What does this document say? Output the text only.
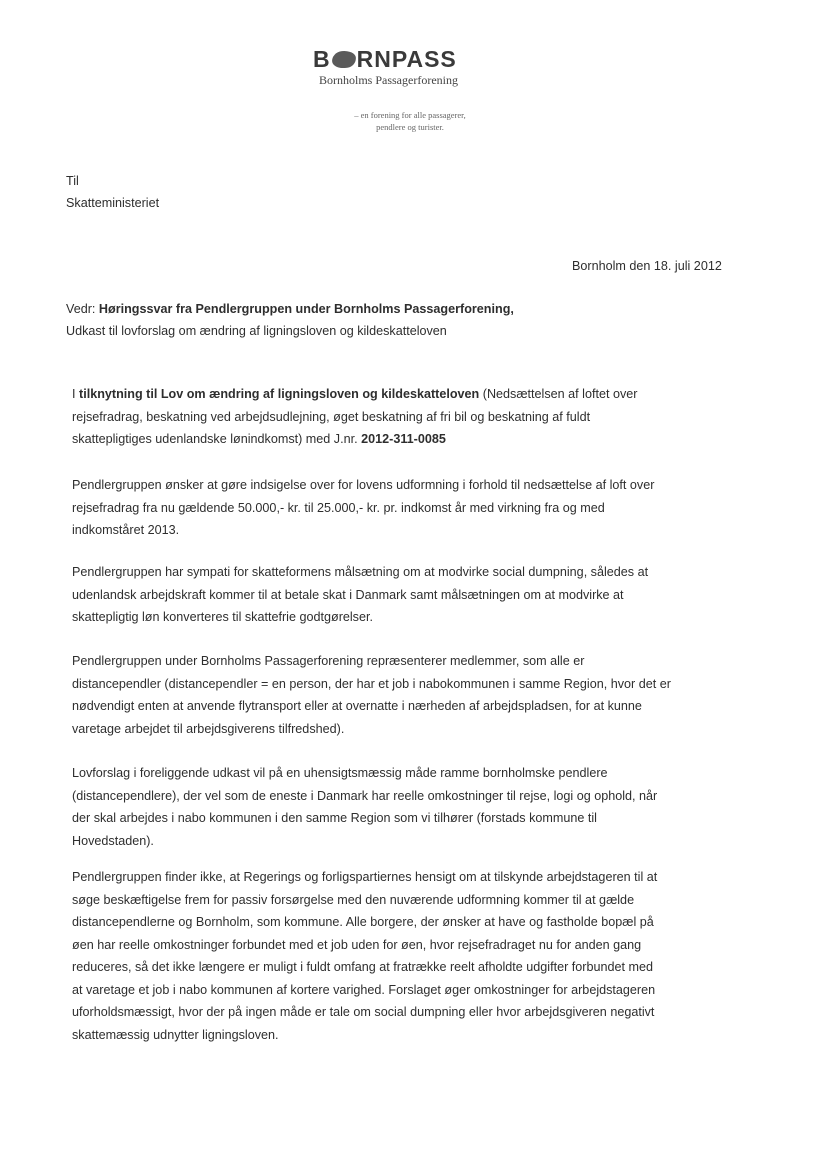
B RNPASS
Bornholms Passagerforening
– en forening for alle passagerer,
pendlere og turister.
Til
Skatteministeriet
Bornholm den 18. juli 2012
Vedr: Høringssvar fra Pendlergruppen under Bornholms Passagerforening,
Udkast til lovforslag om ændring af ligningsloven og kildeskatteloven
I tilknytning til Lov om ændring af ligningsloven og kildeskatteloven (Nedsættelsen af loftet over
rejsefradrag, beskatning ved arbejdsudlejning, øget beskatning af fri bil og beskatning af fuldt
skattepligtiges udenlandske lønindkomst) med J.nr. 2012-311-0085
Pendlergruppen ønsker at gøre indsigelse over for lovens udformning i forhold til nedsættelse af loft over
rejsefradrag fra nu gældende 50.000,- kr. til 25.000,- kr. pr. indkomst år med virkning fra og med
indkomståret 2013.
Pendlergruppen har sympati for skatteformens målsætning om at modvirke social dumpning, således at
udenlandsk arbejdskraft kommer til at betale skat i Danmark samt målsætningen om at modvirke at
skattepligtig løn konverteres til skattefrie godtgørelser.
Pendlergruppen under Bornholms Passagerforening repræsenterer medlemmer, som alle er
distancependler (distancependler = en person, der har et job i nabokommunen i samme Region, hvor det er
nødvendigt enten at anvende flytransport eller at overnatte i nærheden af arbejdspladsen, for at kunne
varetage arbejdet til arbejdsgiverens tilfredshed).
Lovforslag i foreliggende udkast vil på en uhensigtsmæssig måde ramme bornholmske pendlere
(distancependlere), der vel som de eneste i Danmark har reelle omkostninger til rejse, logi og ophold, når
der skal arbejdes i nabo kommunen i den samme Region som vi tilhører (forstads kommune til
Hovedstaden).
Pendlergruppen finder ikke, at Regerings og forligspartiernes hensigt om at tilskynde arbejdstageren til at
søge beskæftigelse frem for passiv forsørgelse med den nuværende udformning kommer til at gælde
distancependlerne og Bornholm, som kommune. Alle borgere, der ønsker at have og fastholde bopæl på
øen har reelle omkostninger forbundet med et job uden for øen, hvor rejsefradraget nu for anden gang
reduceres, så det ikke længere er muligt i fuldt omfang at fratrække reelt afholdte udgifter forbundet med
at varetage et job i nabo kommunen af kortere varighed. Forslaget øger omkostninger for arbejdstageren
uforholdsmæssigt, hvor der på ingen måde er tale om social dumpning eller hvor arbejdsgiveren negativt
skattemæssig udnytter ligningsloven.
